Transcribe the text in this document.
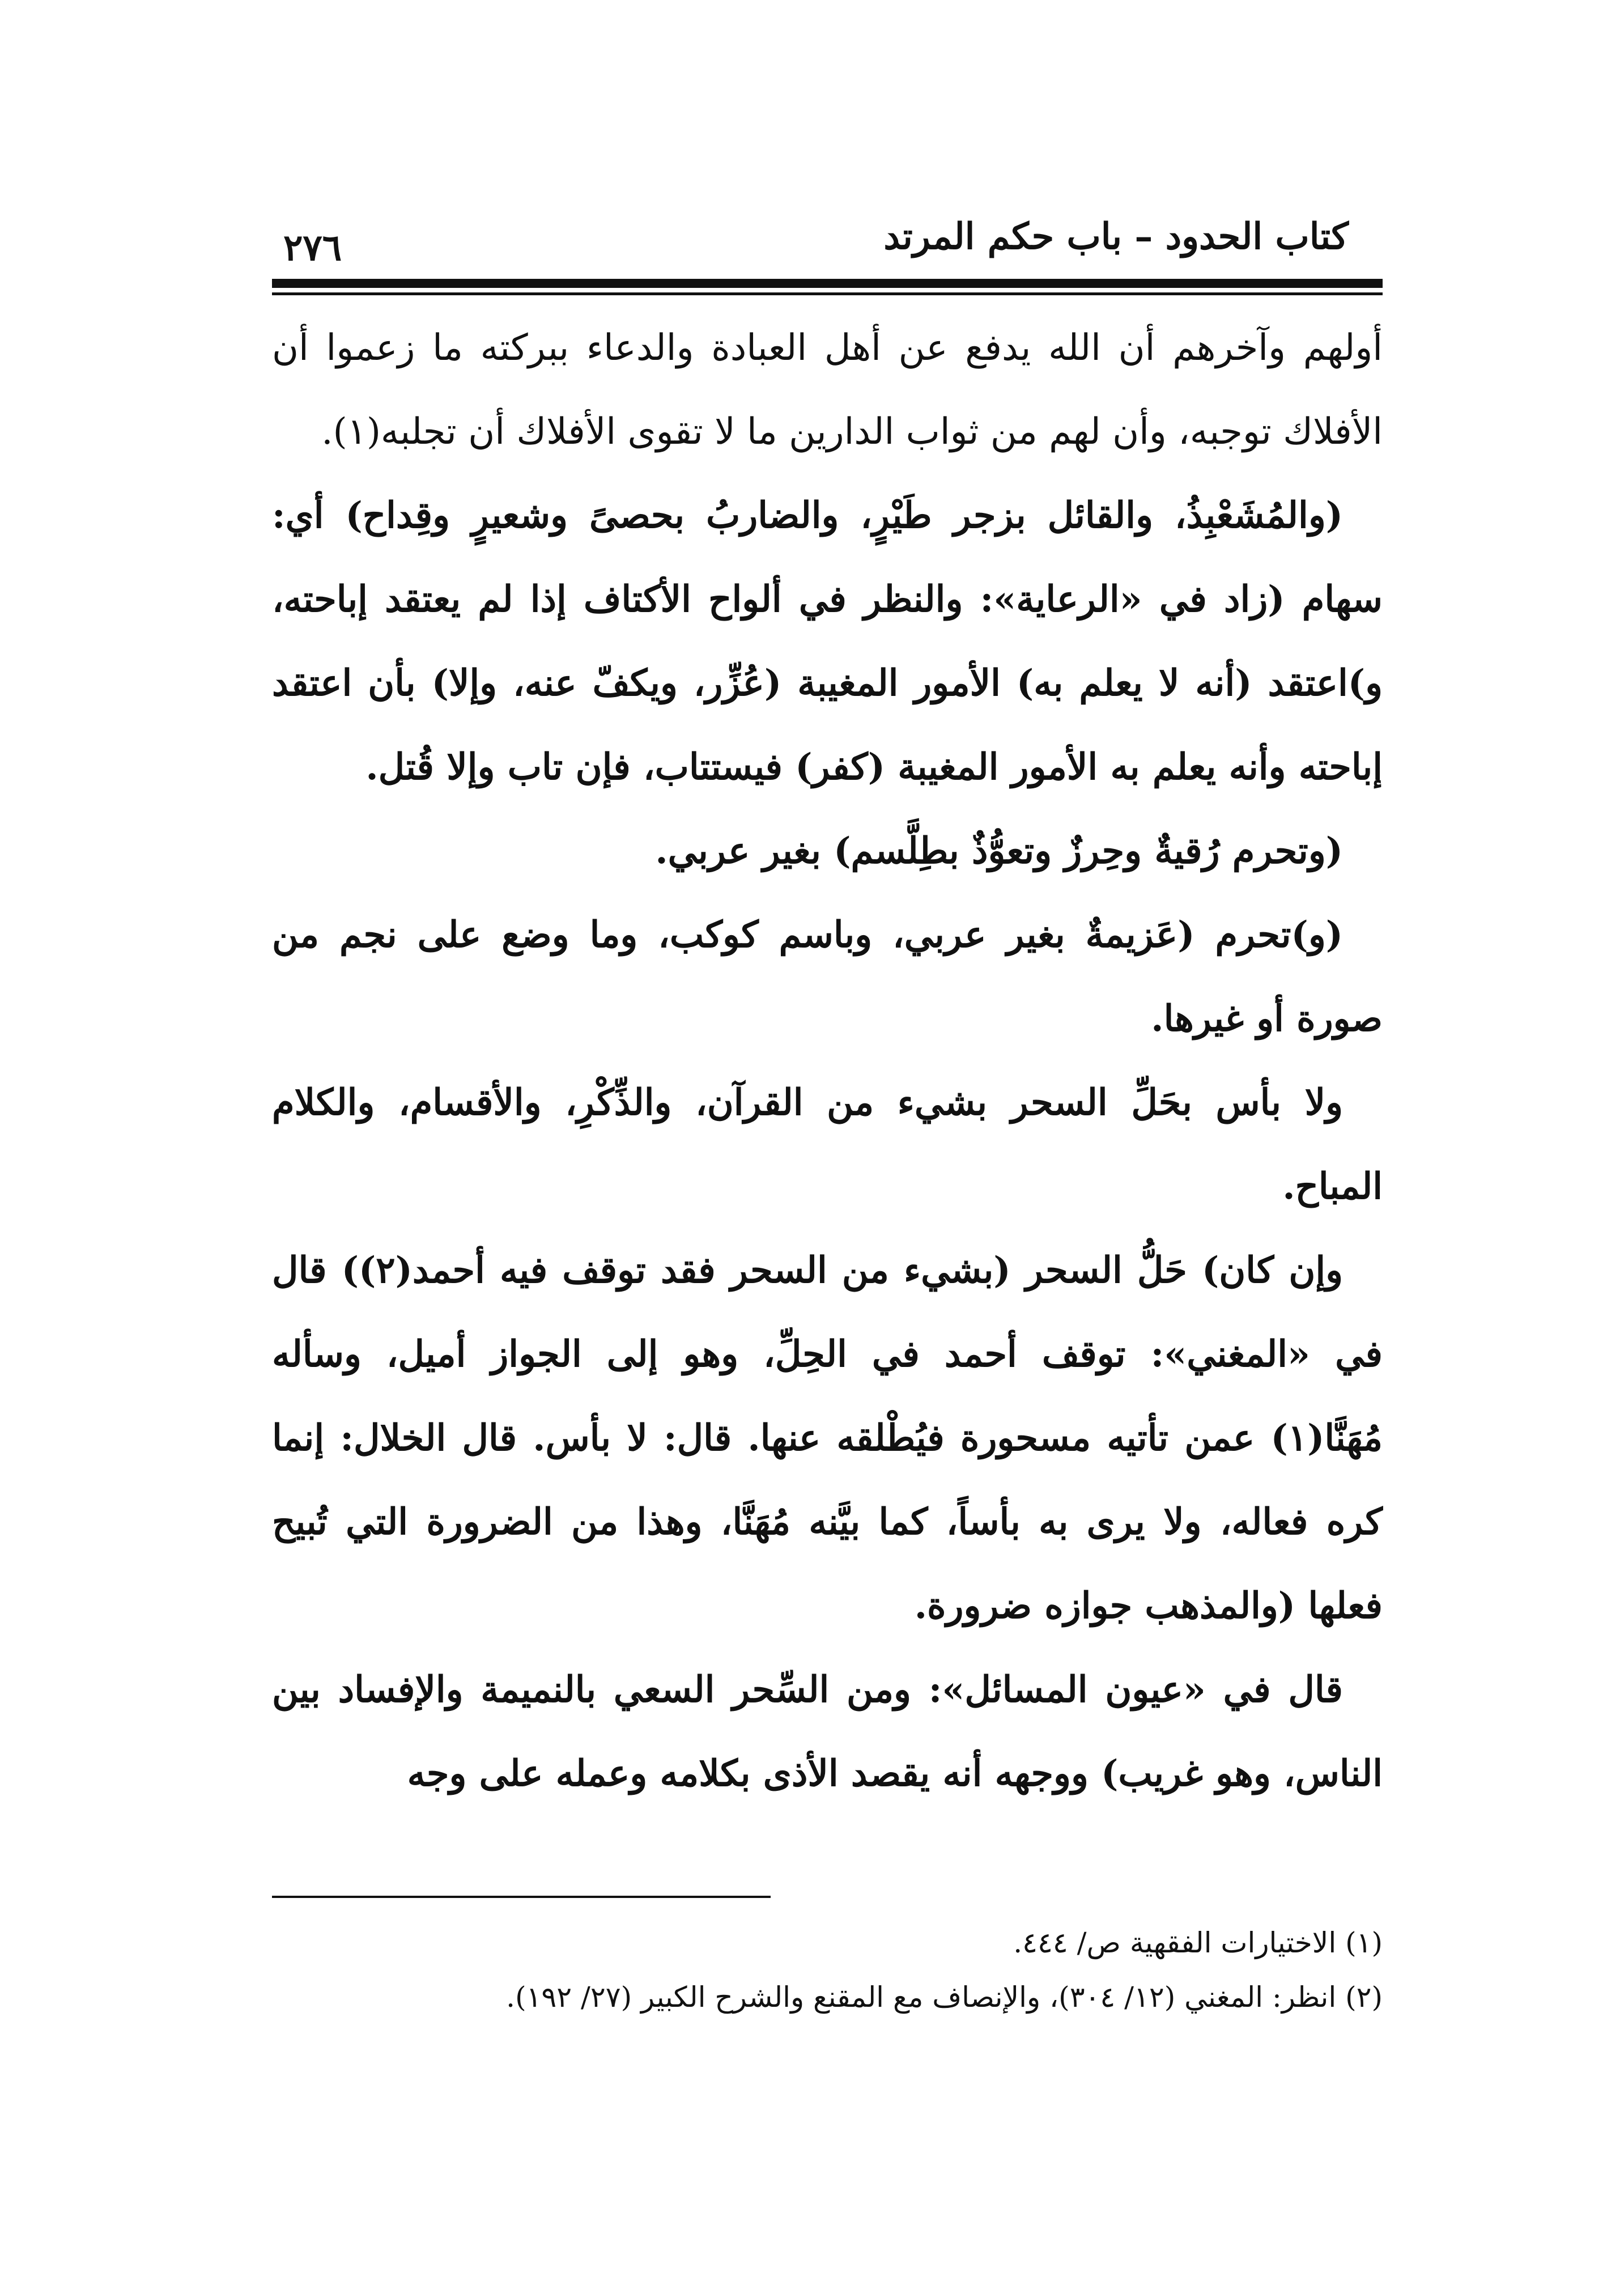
كتاب الحدود – باب حكم المرتد
٢٧٦

أولهم وآخرهم أن الله يدفع عن أهل العبادة والدعاء ببركته ما زعموا أن الأفلاك توجبه، وأن لهم من ثواب الدارين ما لا تقوى الأفلاك أن تجلبه(١).

(والمُشَعْبِذُ، والقائل بزجر طَيْرٍ، والضاربُ بحصىً وشعيرٍ وقِداح) أي: سهام (زاد في «الرعاية»: والنظر في ألواح الأكتاف إذا لم يعتقد إباحته، و)اعتقد (أنه لا يعلم به) الأمور المغيبة (عُزِّر، ويكفّ عنه، وإلا) بأن اعتقد إباحته وأنه يعلم به الأمور المغيبة (كفر) فيستتاب، فإن تاب وإلا قُتل.

(وتحرم رُقيةٌ وحِرزٌ وتعوُّذٌ بطِلَّسم) بغير عربي.

(و)تحرم (عَزيمةٌ بغير عربي، وباسم كوكب، وما وضع على نجم من صورة أو غيرها.

ولا بأس بحَلِّ السحر بشيء من القرآن، والذِّكْرِ، والأقسام، والكلام المباح.

وإن كان) حَلُّ السحر (بشيء من السحر فقد توقف فيه أحمد(٢)) قال في «المغني»: توقف أحمد في الحِلِّ، وهو إلى الجواز أميل، وسأله مُهَنَّا(١) عمن تأتيه مسحورة فيُطْلقه عنها. قال: لا بأس. قال الخلال: إنما كره فعاله، ولا يرى به بأساً، كما بيَّنه مُهَنَّا، وهذا من الضرورة التي تُبيح فعلها (والمذهب جوازه ضرورة.

قال في «عيون المسائل»: ومن السِّحر السعي بالنميمة والإفساد بين الناس، وهو غريب) ووجهه أنه يقصد الأذى بكلامه وعمله على وجه

(١) الاختيارات الفقهية ص/ ٤٤٤.

(٢) انظر: المغني (١٢/ ٣٠٤)، والإنصاف مع المقنع والشرح الكبير (٢٧/ ١٩٢).
